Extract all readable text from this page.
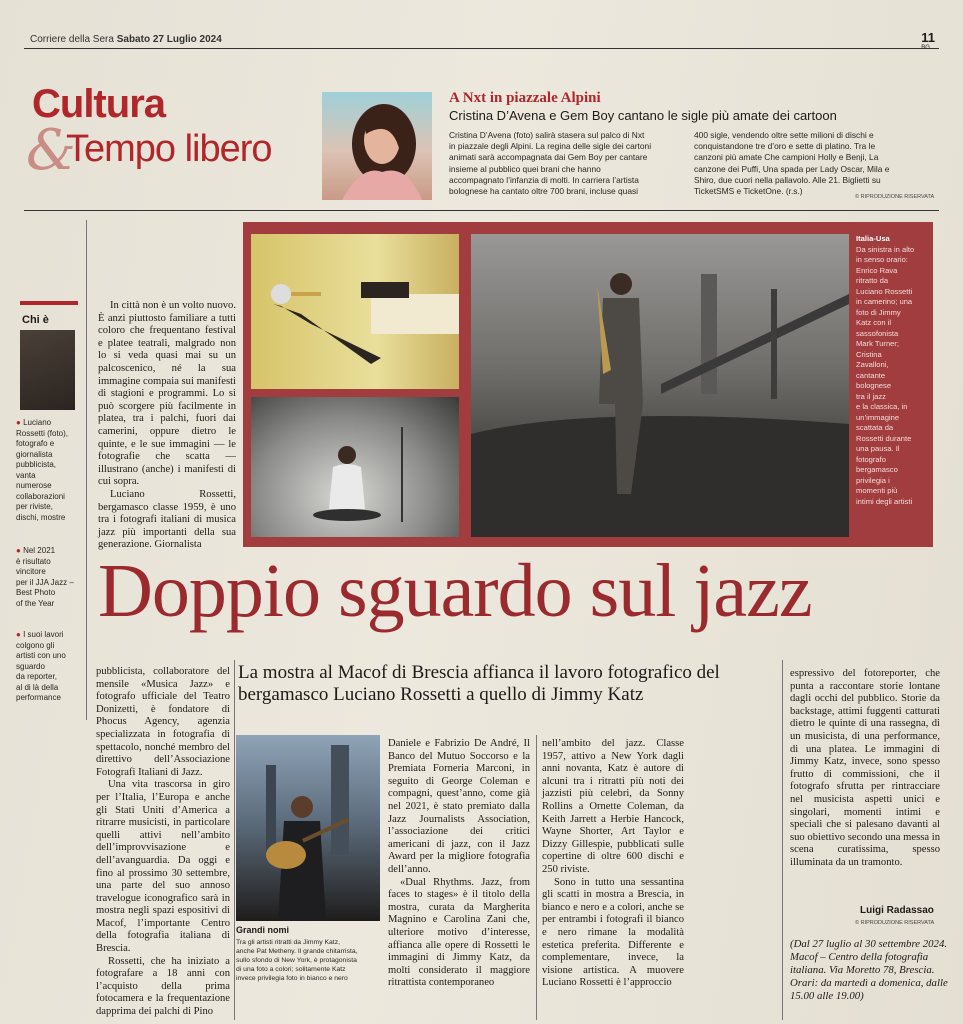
Corriere della Sera Sabato 27 Luglio 2024	11
Cultura
&
Tempo libero
A Nxt in piazzale Alpini
Cristina D’Avena e Gem Boy cantano le sigle più amate dei cartoon
Cristina D’Avena (foto) salirà stasera sul palco di Nxt
in piazzale degli Alpini. La regina delle sigle dei cartoni
animati sarà accompagnata dai Gem Boy per cantare
insieme al pubblico quei brani che hanno
accompagnato l’infanzia di molti. In carriera l’artista
bolognese ha cantato oltre 700 brani, incluse quasi
400 sigle, vendendo oltre sette milioni di dischi e
conquistandone tre d’oro e sette di platino. Tra le
canzoni più amate Che campioni Holly e Benji, La
canzone dei Puffi, Una spada per Lady Oscar, Mila e
Shiro, due cuori nella pallavolo. Alle 21. Biglietti su
TicketSMS e TicketOne. (r.s.)
© RIPRODUZIONE RISERVATA
Chi è
● Luciano
Rossetti (foto),
fotografo e
giornalista
pubblicista,
vanta
numerose
collaborazioni
per riviste,
dischi, mostre
● Nel 2021
è risultato
vincitore
per il JJA Jazz –
Best Photo
of the Year
● I suoi lavori
colgono gli
artisti con uno
sguardo
da reporter,
al di là della
performance

In città non è un volto nuovo. È anzi piuttosto familiare a tutti coloro che frequentano festival e platee teatrali, malgrado non lo si veda quasi mai su un palcoscenico, né la sua immagine compaia sui manifesti di stagioni e programmi. Lo si può scorgere più facilmente in platea, tra i palchi, fuori dai camerini, oppure dietro le quinte, e le sue immagini — le fotografie che scatta — illustrano (anche) i manifesti di cui sopra.

Luciano Rossetti, bergamasco classe 1959, è uno tra i fotografi italiani di musica jazz più importanti della sua generazione. Giornalista

Italia-Usa
Da sinistra in alto
in senso orario:
Enrico Rava
ritratto da
Luciano Rossetti
in camerino; una
foto di Jimmy
Katz con il
sassofonista
Mark Turner;
Cristina
Zavalloni,
cantante
bolognese
tra il jazz
e la classica, in
un’immagine
scattata da
Rossetti durante
una pausa. Il
fotografo
bergamasco
privilegia i
momenti più
intimi degli artisti
Doppio sguardo sul jazz
La mostra al Macof di Brescia affianca il lavoro fotografico del bergamasco Luciano Rossetti a quello di Jimmy Katz

pubblicista, collaboratore del mensile «Musica Jazz» e fotografo ufficiale del Teatro Donizetti, è fondatore di Phocus Agency, agenzia specializzata in fotografia di spettacolo, nonché membro del direttivo dell’Associazione Fotografi Italiani di Jazz.

Una vita trascorsa in giro per l’Italia, l’Europa e anche gli Stati Uniti d’America a ritrarre musicisti, in particolare quelli attivi nell’ambito dell’improvvisazione e dell’avanguardia. Da oggi e fino al prossimo 30 settembre, una parte del suo annoso travelogue iconografico sarà in mostra negli spazi espositivi di Macof, l’importante Centro della fotografia italiana di Brescia.

Rossetti, che ha iniziato a fotografare a 18 anni con l’acquisto della prima fotocamera e la frequentazione dapprima dei palchi di Pino

Grandi nomi
Tra gli artisti ritratti da Jimmy Katz,
anche Pat Metheny. Il grande chitarrista,
sullo sfondo di New York, è protagonista
di una foto a colori; solitamente Katz
invece privilegia foto in bianco e nero

Daniele e Fabrizio De André, Il Banco del Mutuo Soccorso e la Premiata Forneria Marconi, in seguito di George Coleman e compagni, quest’anno, come già nel 2021, è stato premiato dalla Jazz Journalists Association, l’associazione dei critici americani di jazz, con il Jazz Award per la migliore fotografia dell’anno.

«Dual Rhythms. Jazz, from faces to stages» è il titolo della mostra, curata da Margherita Magnino e Carolina Zani che, ulteriore motivo d’interesse, affianca alle opere di Rossetti le immagini di Jimmy Katz, da molti considerato il maggiore ritrattista contemporaneo

nell’ambito del jazz. Classe 1957, attivo a New York dagli anni novanta, Katz è autore di alcuni tra i ritratti più noti dei jazzisti più celebri, da Sonny Rollins a Ornette Coleman, da Keith Jarrett a Herbie Hancock, Wayne Shorter, Art Taylor e Dizzy Gillespie, pubblicati sulle copertine di oltre 600 dischi e 250 riviste.

Sono in tutto una sessantina gli scatti in mostra a Brescia, in bianco e nero e a colori, anche se per entrambi i fotografi il bianco e nero rimane la modalità estetica preferita. Differente e complementare, invece, la visione artistica. A muovere Luciano Rossetti è l’approccio

espressivo del fotoreporter, che punta a raccontare storie lontane dagli occhi del pubblico. Storie da backstage, attimi fuggenti catturati dietro le quinte di una rassegna, di un musicista, di una performance, di una platea. Le immagini di Jimmy Katz, invece, sono spesso frutto di commissioni, che il fotografo sfrutta per rintracciare nel musicista aspetti unici e singolari, momenti intimi e speciali che si palesano davanti al suo obiettivo secondo una messa in scena curatissima, spesso illuminata da un tramonto.

Luigi Radassao
© RIPRODUZIONE RISERVATA
(Dal 27 luglio al 30 settembre 2024. Macof – Centro della fotografia italiana. Via Moretto 78, Brescia. Orari: da martedì a domenica, dalle 15.00 alle 19.00)
